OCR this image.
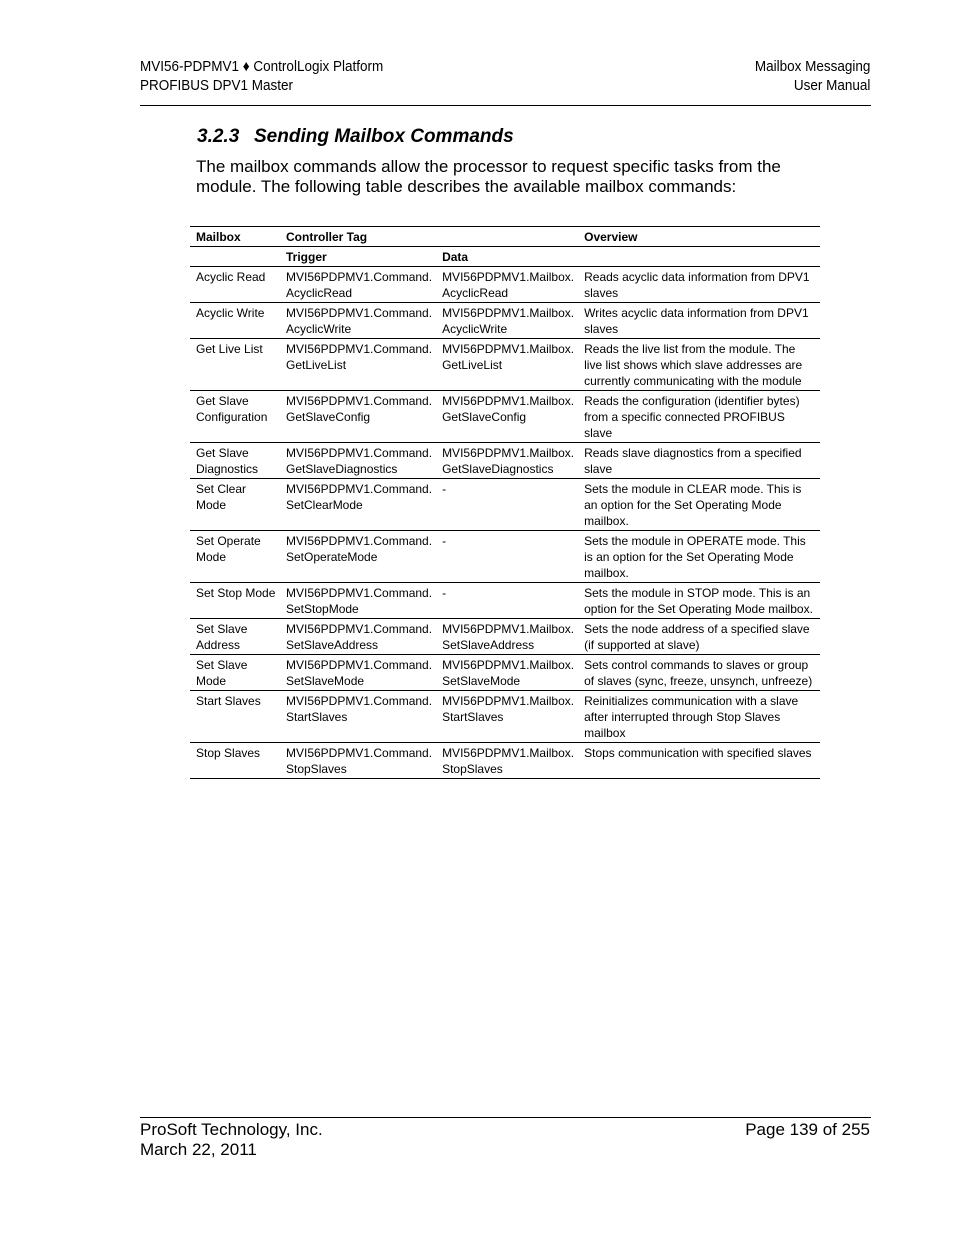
MVI56-PDPMV1 ♦ ControlLogix Platform
PROFIBUS DPV1 Master
Mailbox Messaging
User Manual
3.2.3 Sending Mailbox Commands
The mailbox commands allow the processor to request specific tasks from the module. The following table describes the available mailbox commands:
Mailbox	Controller Tag		Overview
	Trigger	Data	
Acyclic Read	MVI56PDPMV1.Command. AcyclicRead	MVI56PDPMV1.Mailbox. AcyclicRead	Reads acyclic data information from DPV1 slaves
Acyclic Write	MVI56PDPMV1.Command. AcyclicWrite	MVI56PDPMV1.Mailbox. AcyclicWrite	Writes acyclic data information from DPV1 slaves
Get Live List	MVI56PDPMV1.Command. GetLiveList	MVI56PDPMV1.Mailbox. GetLiveList	Reads the live list from the module. The live list shows which slave addresses are currently communicating with the module
Get Slave Configuration	MVI56PDPMV1.Command. GetSlaveConfig	MVI56PDPMV1.Mailbox. GetSlaveConfig	Reads the configuration (identifier bytes) from a specific connected PROFIBUS slave
Get Slave Diagnostics	MVI56PDPMV1.Command. GetSlaveDiagnostics	MVI56PDPMV1.Mailbox. GetSlaveDiagnostics	Reads slave diagnostics from a specified slave
Set Clear Mode	MVI56PDPMV1.Command. SetClearMode	-	Sets the module in CLEAR mode. This is an option for the Set Operating Mode mailbox.
Set Operate Mode	MVI56PDPMV1.Command. SetOperateMode	-	Sets the module in OPERATE mode. This is an option for the Set Operating Mode mailbox.
Set Stop Mode	MVI56PDPMV1.Command. SetStopMode	-	Sets the module in STOP mode. This is an option for the Set Operating Mode mailbox.
Set Slave Address	MVI56PDPMV1.Command. SetSlaveAddress	MVI56PDPMV1.Mailbox. SetSlaveAddress	Sets the node address of a specified slave (if supported at slave)
Set Slave Mode	MVI56PDPMV1.Command. SetSlaveMode	MVI56PDPMV1.Mailbox. SetSlaveMode	Sets control commands to slaves or group of slaves (sync, freeze, unsynch, unfreeze)
Start Slaves	MVI56PDPMV1.Command. StartSlaves	MVI56PDPMV1.Mailbox. StartSlaves	Reinitializes communication with a slave after interrupted through Stop Slaves mailbox
Stop Slaves	MVI56PDPMV1.Command. StopSlaves	MVI56PDPMV1.Mailbox. StopSlaves	Stops communication with specified slaves
ProSoft Technology, Inc.
March 22, 2011
Page 139 of 255
